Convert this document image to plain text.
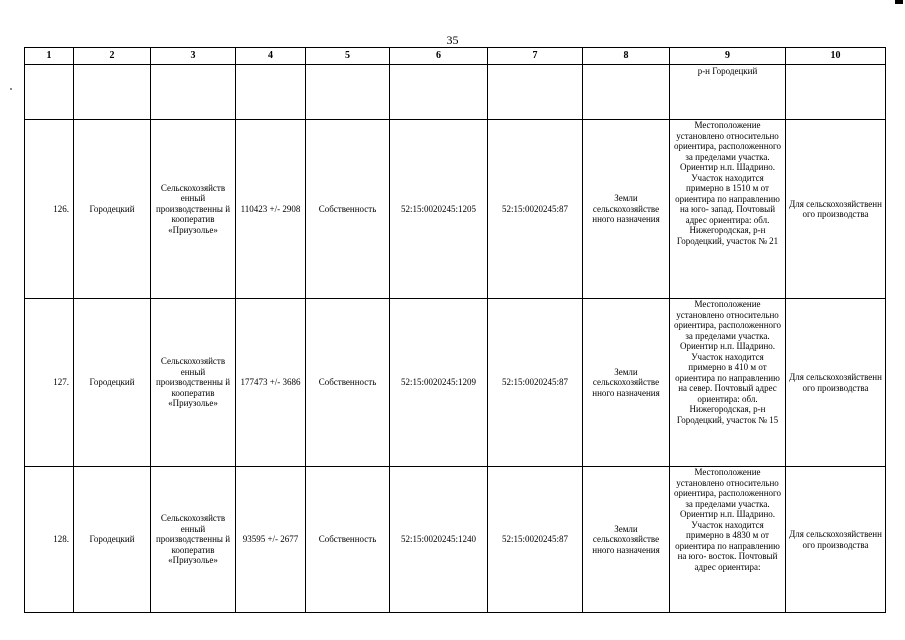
35
1	2	3	4	5	6	7	8	9	10
								р-н Городецкий	
126.	Городецкий	Сельскохозяйств енный производственны й кооператив «Приузолье»	110423 +/- 2908	Собственность	52:15:0020245:1205	52:15:0020245:87	Земли сельскохозяйстве нного назначения	Местоположение установлено относительно ориентира, расположенного за пределами участка. Ориентир н.п. Шадрино. Участок находится примерно в 1510 м от ориентира по направлению на юго- запад. Почтовый адрес ориентира: обл. Нижегородская, р-н Городецкий, участок № 21	Для сельскохозяйственн ого производства
127.	Городецкий	Сельскохозяйств енный производственны й кооператив «Приузолье»	177473 +/- 3686	Собственность	52:15:0020245:1209	52:15:0020245:87	Земли сельскохозяйстве нного назначения	Местоположение установлено относительно ориентира, расположенного за пределами участка. Ориентир н.п. Шадрино. Участок находится примерно в 410 м от ориентира по направлению на север. Почтовый адрес ориентира: обл. Нижегородская, р-н Городецкий, участок № 15	Для сельскохозяйственн ого производства
128.	Городецкий	Сельскохозяйств енный производственны й кооператив «Приузолье»	93595 +/- 2677	Собственность	52:15:0020245:1240	52:15:0020245:87	Земли сельскохозяйстве нного назначения	Местоположение установлено относительно ориентира, расположенного за пределами участка. Ориентир н.п. Шадрино. Участок находится примерно в 4830 м от ориентира по направлению на юго- восток. Почтовый адрес ориентира:	Для сельскохозяйственн ого производства
